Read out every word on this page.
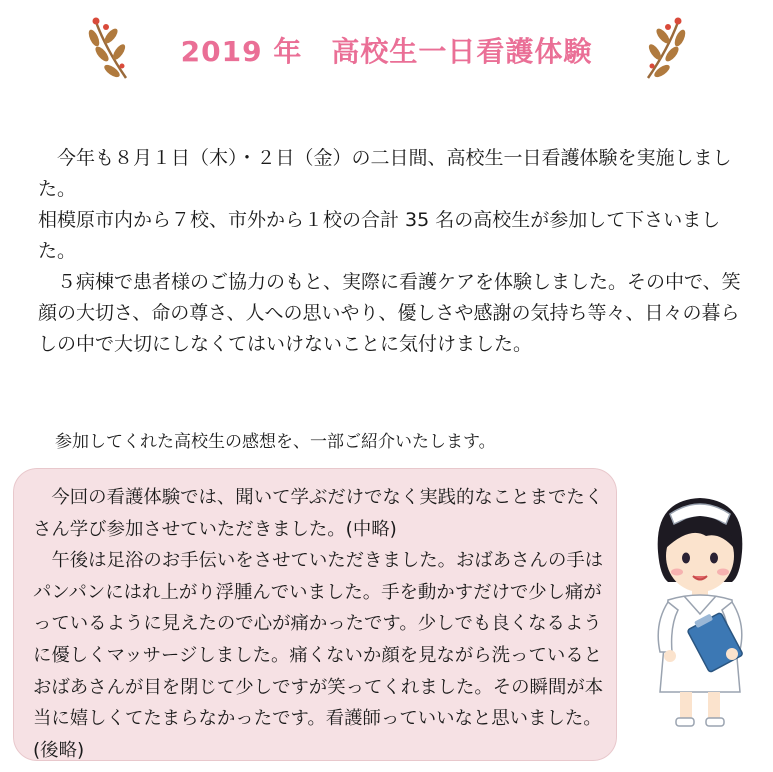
2019 年　高校生一日看護体験

　今年も８月１日（木）・２日（金）の二日間、高校生一日看護体験を実施しました。

相模原市内から７校、市外から１校の合計 35 名の高校生が参加して下さいました。

　５病棟で患者様のご協力のもと、実際に看護ケアを体験しました。その中で、笑顔の大切さ、命の尊さ、人への思いやり、優しさや感謝の気持ち等々、日々の暮らしの中で大切にしなくてはいけないことに気付けました。

参加してくれた高校生の感想を、一部ご紹介いたします。

　今回の看護体験では、聞いて学ぶだけでなく実践的なことまでたくさん学び参加させていただきました。(中略)

　午後は足浴のお手伝いをさせていただきました。おばあさんの手はパンパンにはれ上がり浮腫んでいました。手を動かすだけで少し痛がっているように見えたので心が痛かったです。少しでも良くなるように優しくマッサージしました。痛くないか顔を見ながら洗っているとおばあさんが目を閉じて少しですが笑ってくれました。その瞬間が本当に嬉しくてたまらなかったです。看護師っていいなと思いました。(後略)
